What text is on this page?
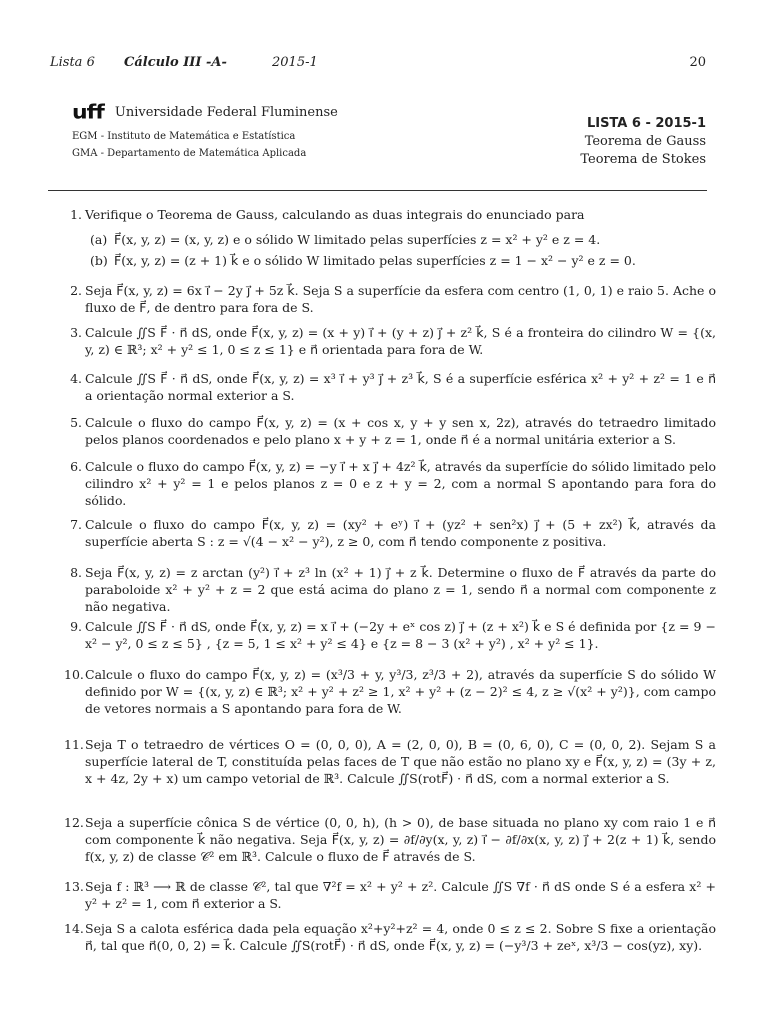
Lista 6 Cálculo III -A-	2015-1	20
uff Universidade Federal Fluminense
EGM - Instituto de Matemática e Estatística
GMA - Departamento de Matemática Aplicada
LISTA 6 - 2015-1
Teorema de Gauss
Teorema de Stokes
1. Verifique o Teorema de Gauss, calculando as duas integrais do enunciado para
(a) F⃗(x, y, z) = (x, y, z) e o sólido W limitado pelas superfícies z = x² + y² e z = 4.
(b) F⃗(x, y, z) = (z + 1) k⃗ e o sólido W limitado pelas superfícies z = 1 − x² − y² e z = 0.
2. Seja F⃗(x, y, z) = 6x i⃗ − 2y j⃗ + 5z k⃗. Seja S a superfície da esfera com centro (1, 0, 1) e raio 5. Ache o fluxo de F⃗, de dentro para fora de S.
3. Calcule ∬S F⃗ · n⃗ dS, onde F⃗(x, y, z) = (x + y) i⃗ + (y + z) j⃗ + z² k⃗, S é a fronteira do cilindro W = {(x, y, z) ∈ ℝ³; x² + y² ≤ 1, 0 ≤ z ≤ 1} e n⃗ orientada para fora de W.
4. Calcule ∬S F⃗ · n⃗ dS, onde F⃗(x, y, z) = x³ i⃗ + y³ j⃗ + z³ k⃗, S é a superfície esférica x² + y² + z² = 1 e n⃗ a orientação normal exterior a S.
5. Calcule o fluxo do campo F⃗(x, y, z) = (x + cos x, y + y sen x, 2z), através do tetraedro limitado pelos planos coordenados e pelo plano x + y + z = 1, onde n⃗ é a normal unitária exterior a S.
6. Calcule o fluxo do campo F⃗(x, y, z) = −y i⃗ + x j⃗ + 4z² k⃗, através da superfície do sólido limitado pelo cilindro x² + y² = 1 e pelos planos z = 0 e z + y = 2, com a normal S apontando para fora do sólido.
7. Calcule o fluxo do campo F⃗(x, y, z) = (xy² + eʸ) i⃗ + (yz² + sen²x) j⃗ + (5 + zx²) k⃗, através da superfície aberta S : z = √(4 − x² − y²), z ≥ 0, com n⃗ tendo componente z positiva.
8. Seja F⃗(x, y, z) = z arctan (y²) i⃗ + z³ ln (x² + 1) j⃗ + z k⃗. Determine o fluxo de F⃗ através da parte do paraboloide x² + y² + z = 2 que está acima do plano z = 1, sendo n⃗ a normal com componente z não negativa.
9. Calcule ∬S F⃗ · n⃗ dS, onde F⃗(x, y, z) = x i⃗ + (−2y + eˣ cos z) j⃗ + (z + x²) k⃗ e S é definida por {z = 9 − x² − y², 0 ≤ z ≤ 5} , {z = 5, 1 ≤ x² + y² ≤ 4} e {z = 8 − 3 (x² + y²) , x² + y² ≤ 1}.
10. Calcule o fluxo do campo F⃗(x, y, z) = (x³/3 + y, y³/3, z³/3 + 2), através da superfície S do sólido W definido por W = {(x, y, z) ∈ ℝ³; x² + y² + z² ≥ 1, x² + y² + (z − 2)² ≤ 4, z ≥ √(x² + y²)}, com campo de vetores normais a S apontando para fora de W.
11. Seja T o tetraedro de vértices O = (0, 0, 0), A = (2, 0, 0), B = (0, 6, 0), C = (0, 0, 2). Sejam S a superfície lateral de T, constituída pelas faces de T que não estão no plano xy e F⃗(x, y, z) = (3y + z, x + 4z, 2y + x) um campo vetorial de ℝ³. Calcule ∬S(rotF⃗) · n⃗ dS, com a normal exterior a S.
12. Seja a superfície cônica S de vértice (0, 0, h), (h > 0), de base situada no plano xy com raio 1 e n⃗ com componente k⃗ não negativa. Seja F⃗(x, y, z) = ∂f/∂y(x, y, z) i⃗ − ∂f/∂x(x, y, z) j⃗ + 2(z + 1) k⃗, sendo f(x, y, z) de classe 𝒞² em ℝ³. Calcule o fluxo de F⃗ através de S.
13. Seja f : ℝ³ ⟶ ℝ de classe 𝒞², tal que ∇²f = x² + y² + z². Calcule ∬S ∇f · n⃗ dS onde S é a esfera x² + y² + z² = 1, com n⃗ exterior a S.
14. Seja S a calota esférica dada pela equação x²+y²+z² = 4, onde 0 ≤ z ≤ 2. Sobre S fixe a orientação n⃗, tal que n⃗(0, 0, 2) = k⃗. Calcule ∬S(rotF⃗) · n⃗ dS, onde F⃗(x, y, z) = (−y³/3 + zeˣ, x³/3 − cos(yz), xy).
